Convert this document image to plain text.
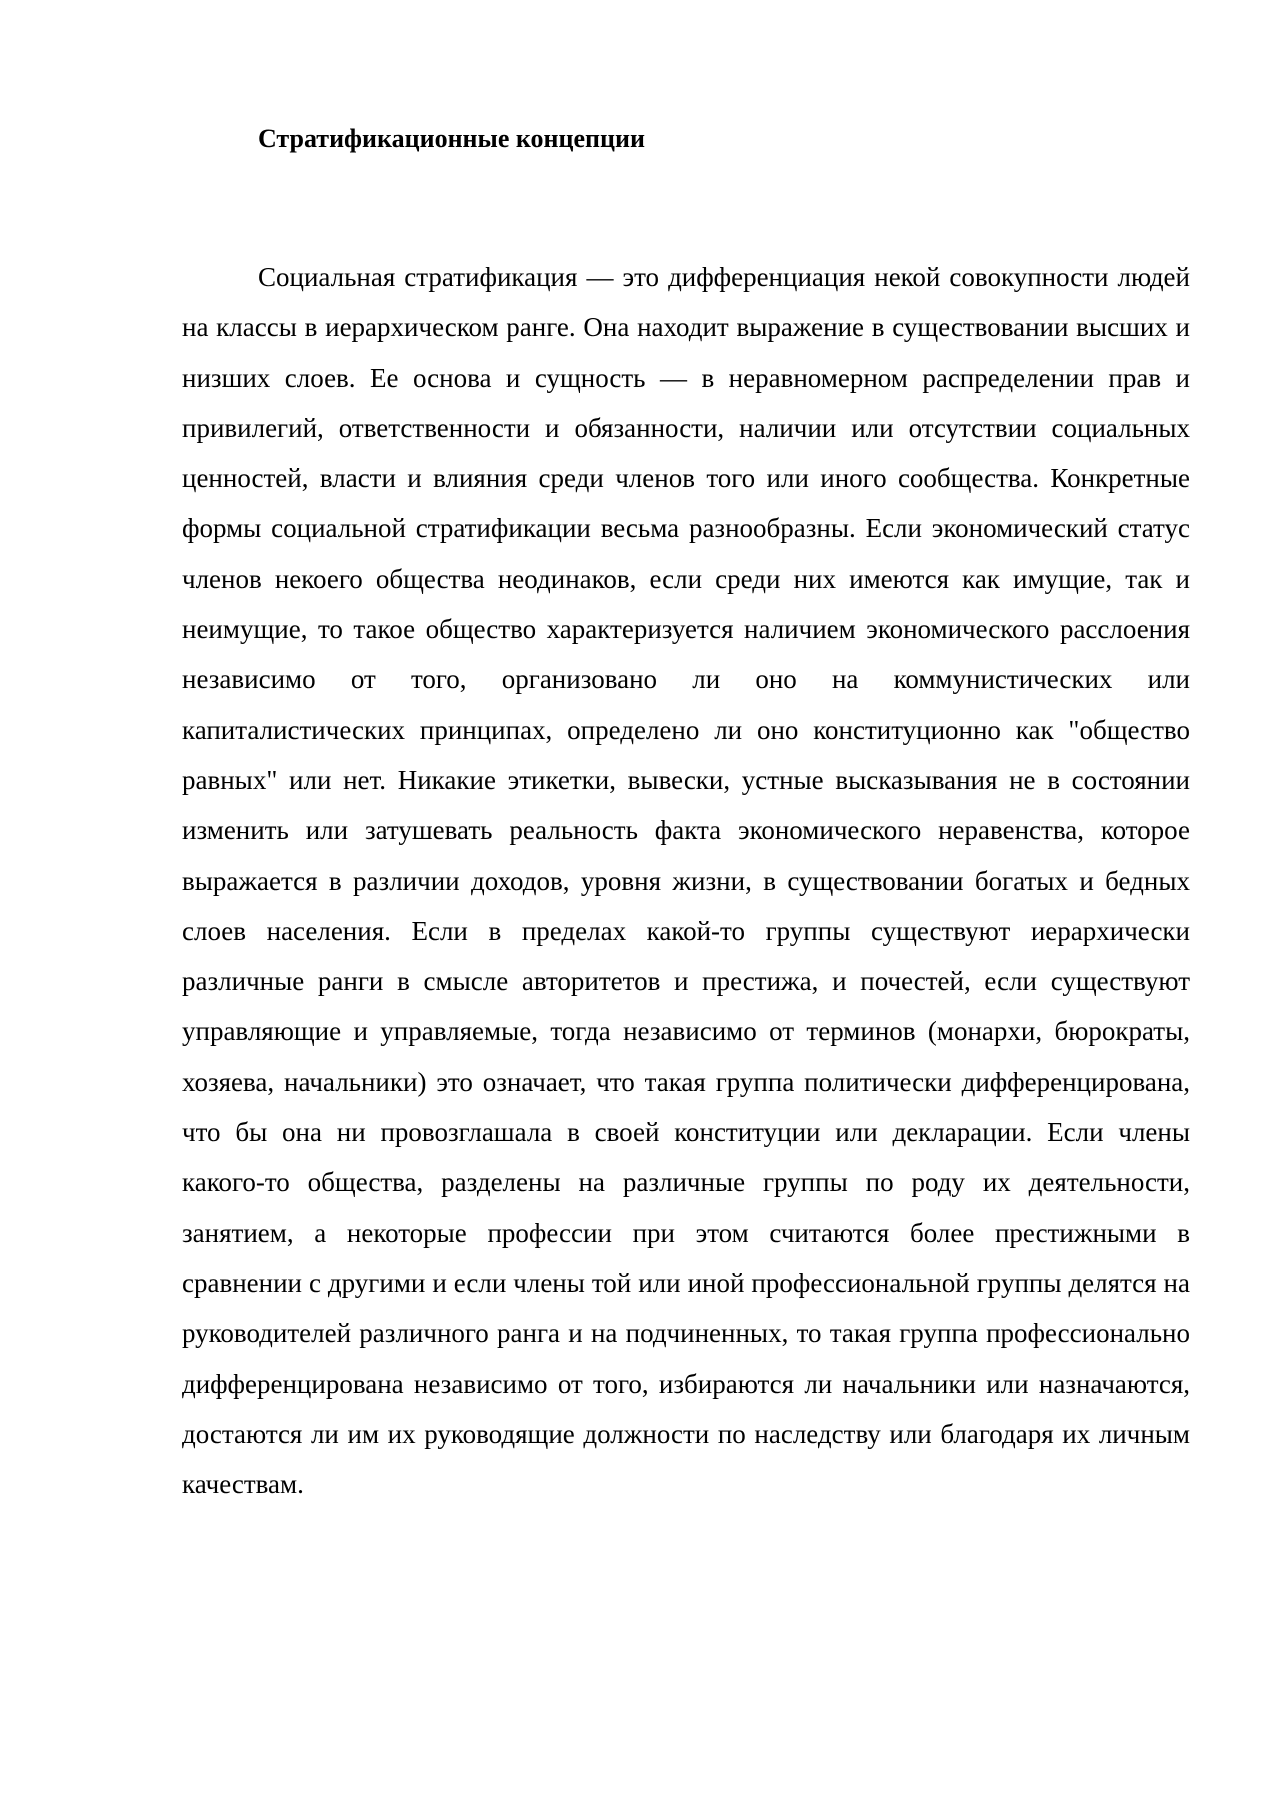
Стратификационные концепции

Социальная стратификация — это дифференциация некой совокупности людей на классы в иерархическом ранге. Она находит выражение в существовании высших и низших слоев. Ее основа и сущность — в неравномерном распределении прав и привилегий, ответственности и обязанности, наличии или отсутствии социальных ценностей, власти и влияния среди членов того или иного сообщества. Конкретные формы социальной стратификации весьма разнообразны. Если экономический статус членов некоего общества неодинаков, если среди них имеются как имущие, так и неимущие, то такое общество характеризуется наличием экономического расслоения независимо от того, организовано ли оно на коммунистических или капиталистических принципах, определено ли оно конституционно как "общество равных" или нет. Никакие этикетки, вывески, устные высказывания не в состоянии изменить или затушевать реальность факта экономического неравенства, которое выражается в различии доходов, уровня жизни, в существовании богатых и бедных слоев населения. Если в пределах какой-то группы существуют иерархически различные ранги в смысле авторитетов и престижа, и почестей, если существуют управляющие и управляемые, тогда независимо от терминов (монархи, бюрократы, хозяева, начальники) это означает, что такая группа политически дифференцирована, что бы она ни провозглашала в своей конституции или декларации. Если члены какого-то общества, разделены на различные группы по роду их деятельности, занятием, а некоторые профессии при этом считаются более престижными в сравнении с другими и если члены той или иной профессиональной группы делятся на руководителей различного ранга и на подчиненных, то такая группа профессионально дифференцирована независимо от того, избираются ли начальники или назначаются, достаются ли им их руководящие должности по наследству или благодаря их личным качествам.
